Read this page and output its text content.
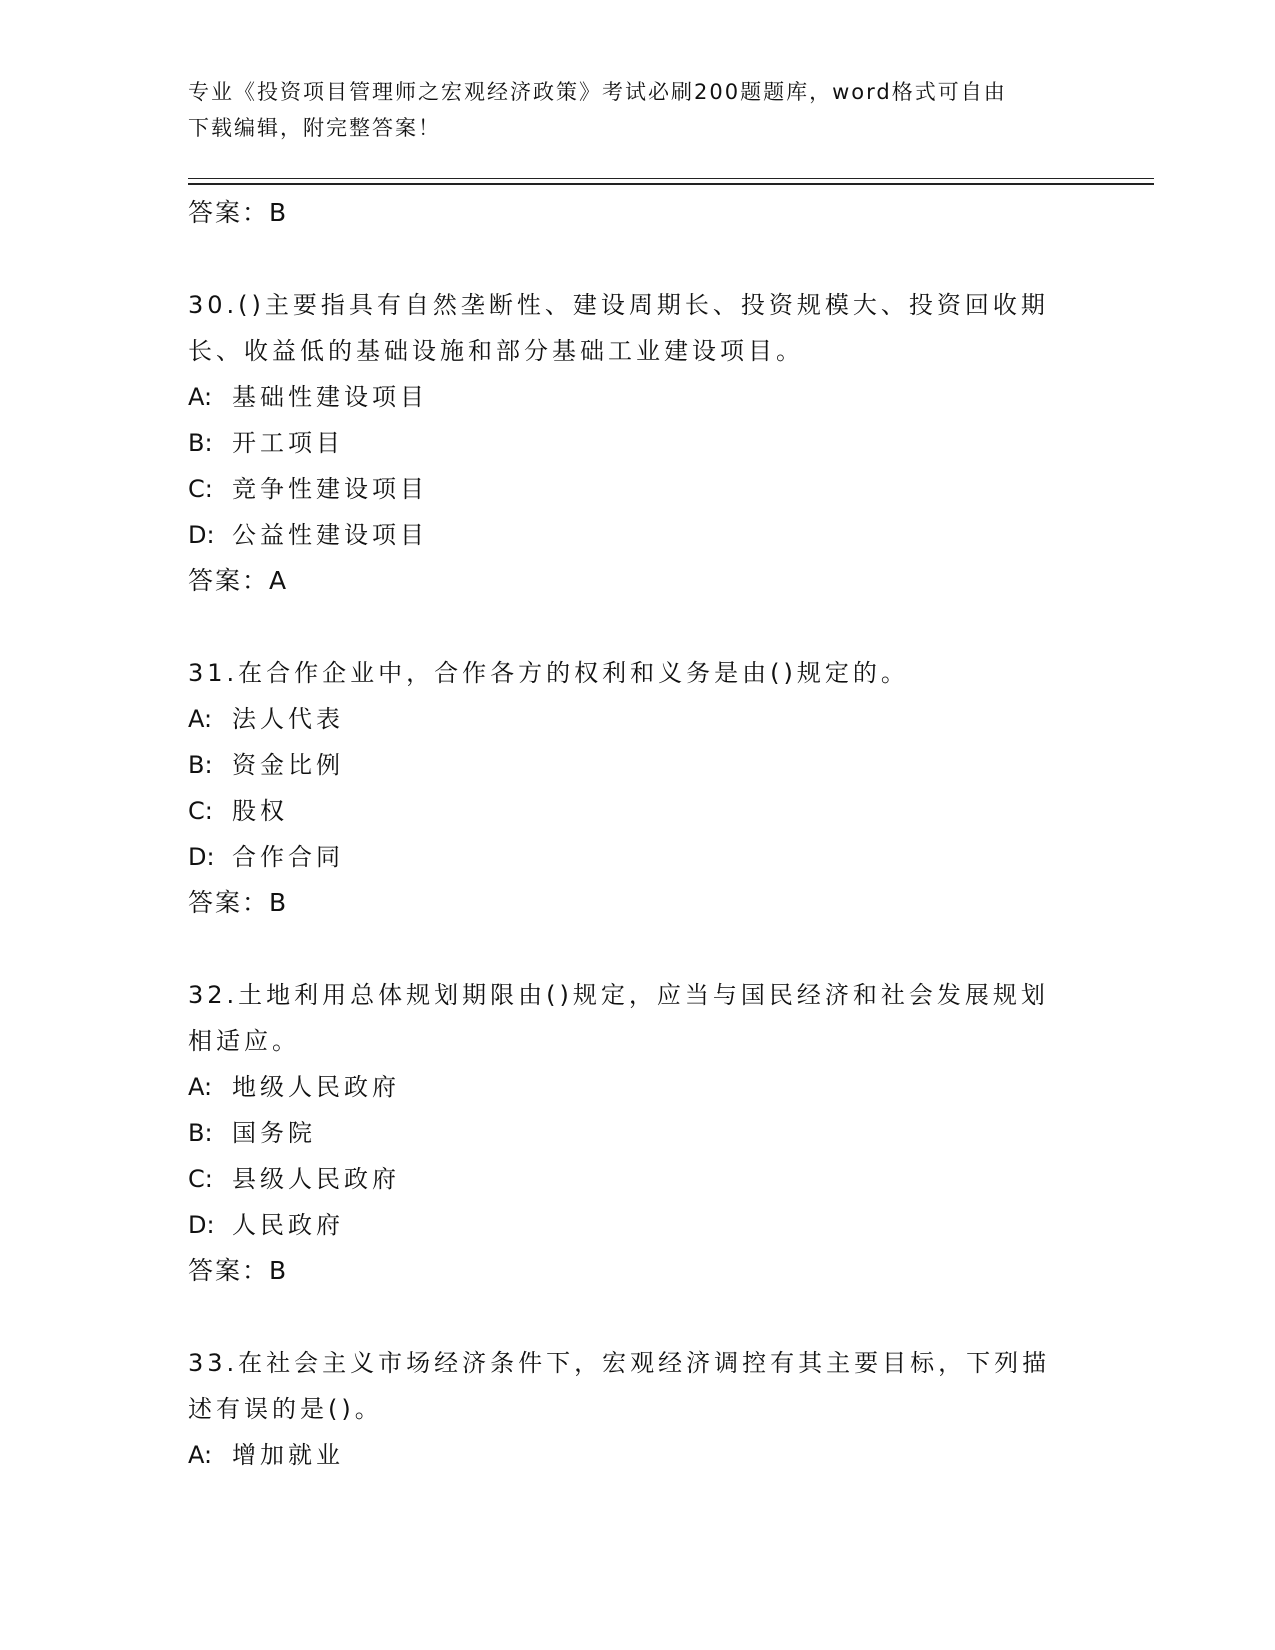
专业《投资项目管理师之宏观经济政策》考试必刷200题题库，word格式可自由
下载编辑，附完整答案！
答案：B
30.()主要指具有自然垄断性、建设周期长、投资规模大、投资回收期
长、收益低的基础设施和部分基础工业建设项目。
A: 基础性建设项目
B: 开工项目
C: 竞争性建设项目
D: 公益性建设项目
答案：A
31.在合作企业中，合作各方的权利和义务是由()规定的。
A: 法人代表
B: 资金比例
C: 股权
D: 合作合同
答案：B
32.土地利用总体规划期限由()规定，应当与国民经济和社会发展规划
相适应。
A: 地级人民政府
B: 国务院
C: 县级人民政府
D: 人民政府
答案：B
33.在社会主义市场经济条件下，宏观经济调控有其主要目标，下列描
述有误的是()。
A: 增加就业
